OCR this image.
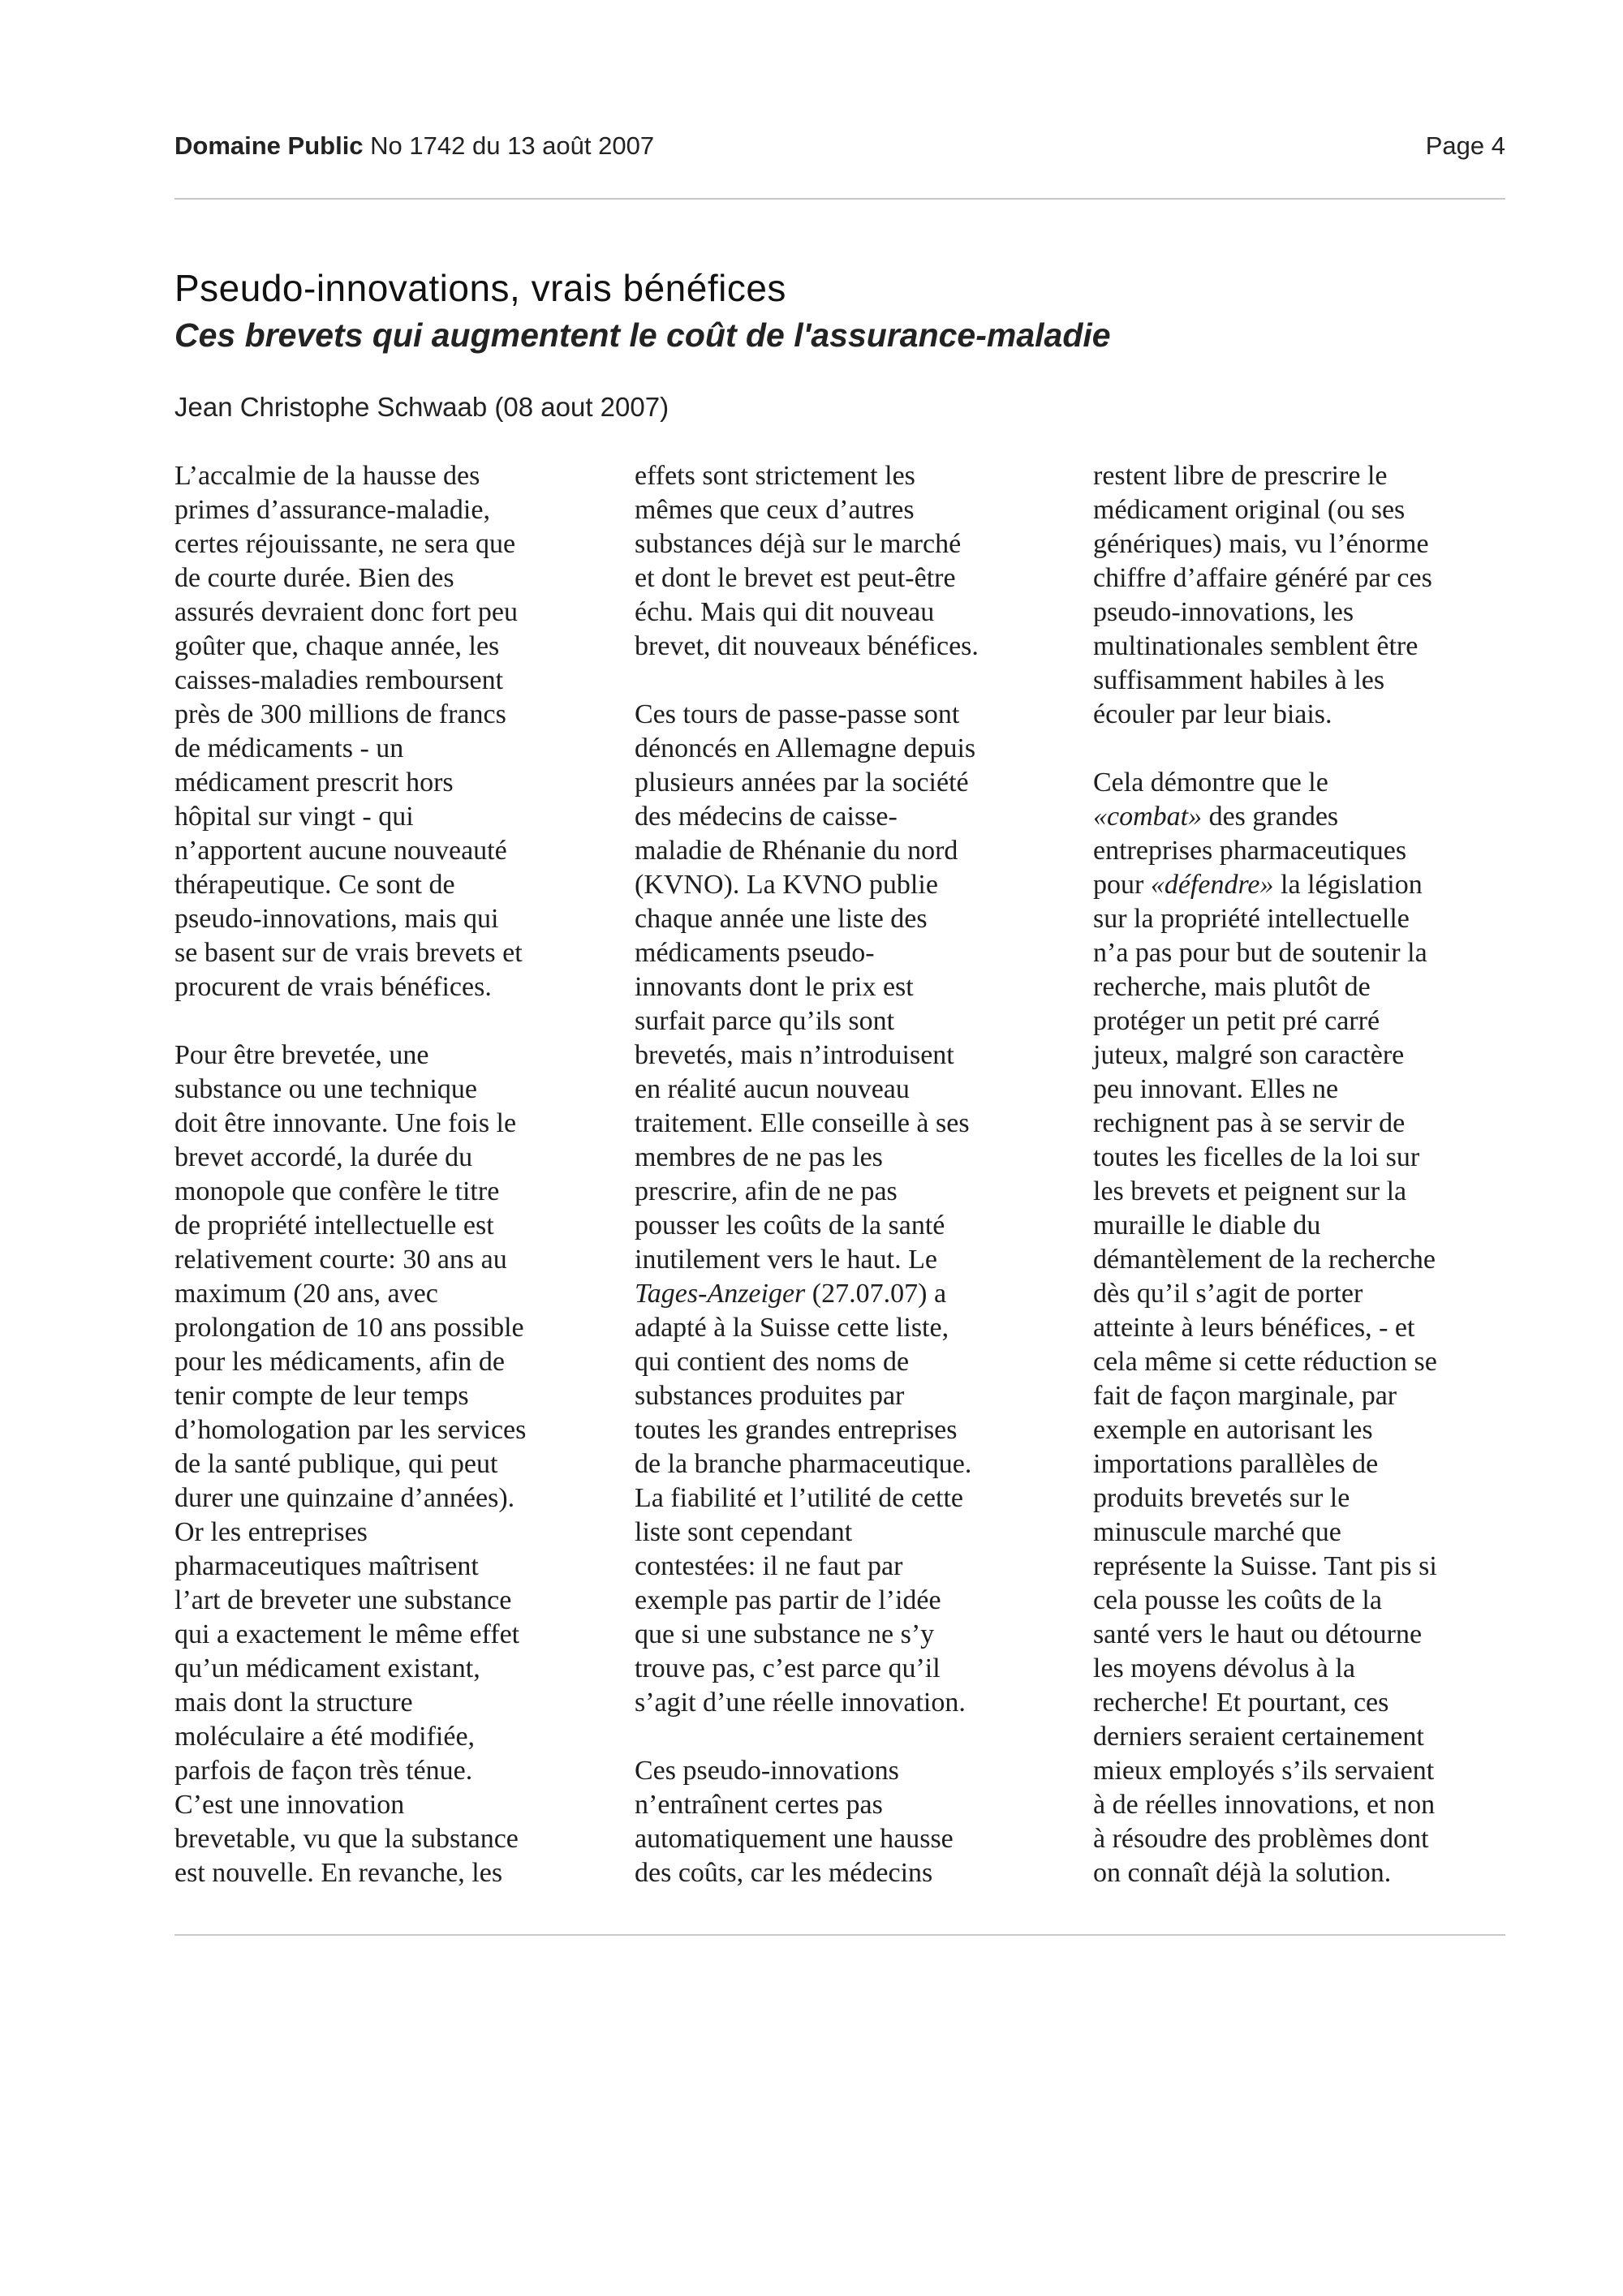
Domaine Public No 1742 du 13 août 2007	Page 4
Pseudo-innovations, vrais bénéfices
Ces brevets qui augmentent le coût de l'assurance-maladie
Jean Christophe Schwaab (08 aout 2007)

L’accalmie de la hausse des
primes d’assurance-maladie,
certes réjouissante, ne sera que
de courte durée. Bien des
assurés devraient donc fort peu
goûter que, chaque année, les
caisses-maladies remboursent
près de 300 millions de francs
de médicaments - un
médicament prescrit hors
hôpital sur vingt - qui
n’apportent aucune nouveauté
thérapeutique. Ce sont de
pseudo-innovations, mais qui
se basent sur de vrais brevets et
procurent de vrais bénéfices.

Pour être brevetée, une
substance ou une technique
doit être innovante. Une fois le
brevet accordé, la durée du
monopole que confère le titre
de propriété intellectuelle est
relativement courte: 30 ans au
maximum (20 ans, avec
prolongation de 10 ans possible
pour les médicaments, afin de
tenir compte de leur temps
d’homologation par les services
de la santé publique, qui peut
durer une quinzaine d’années).
Or les entreprises
pharmaceutiques maîtrisent
l’art de breveter une substance
qui a exactement le même effet
qu’un médicament existant,
mais dont la structure
moléculaire a été modifiée,
parfois de façon très ténue.
C’est une innovation
brevetable, vu que la substance
est nouvelle. En revanche, les

effets sont strictement les
mêmes que ceux d’autres
substances déjà sur le marché
et dont le brevet est peut-être
échu. Mais qui dit nouveau
brevet, dit nouveaux bénéfices.

Ces tours de passe-passe sont
dénoncés en Allemagne depuis
plusieurs années par la société
des médecins de caisse-
maladie de Rhénanie du nord
(KVNO). La KVNO publie
chaque année une liste des
médicaments pseudo-
innovants dont le prix est
surfait parce qu’ils sont
brevetés, mais n’introduisent
en réalité aucun nouveau
traitement. Elle conseille à ses
membres de ne pas les
prescrire, afin de ne pas
pousser les coûts de la santé
inutilement vers le haut. Le
Tages-Anzeiger (27.07.07) a
adapté à la Suisse cette liste,
qui contient des noms de
substances produites par
toutes les grandes entreprises
de la branche pharmaceutique.
La fiabilité et l’utilité de cette
liste sont cependant
contestées: il ne faut par
exemple pas partir de l’idée
que si une substance ne s’y
trouve pas, c’est parce qu’il
s’agit d’une réelle innovation.

Ces pseudo-innovations
n’entraînent certes pas
automatiquement une hausse
des coûts, car les médecins

restent libre de prescrire le
médicament original (ou ses
génériques) mais, vu l’énorme
chiffre d’affaire généré par ces
pseudo-innovations, les
multinationales semblent être
suffisamment habiles à les
écouler par leur biais.

Cela démontre que le
«combat» des grandes
entreprises pharmaceutiques
pour «défendre» la législation
sur la propriété intellectuelle
n’a pas pour but de soutenir la
recherche, mais plutôt de
protéger un petit pré carré
juteux, malgré son caractère
peu innovant. Elles ne
rechignent pas à se servir de
toutes les ficelles de la loi sur
les brevets et peignent sur la
muraille le diable du
démantèlement de la recherche
dès qu’il s’agit de porter
atteinte à leurs bénéfices, - et
cela même si cette réduction se
fait de façon marginale, par
exemple en autorisant les
importations parallèles de
produits brevetés sur le
minuscule marché que
représente la Suisse. Tant pis si
cela pousse les coûts de la
santé vers le haut ou détourne
les moyens dévolus à la
recherche! Et pourtant, ces
derniers seraient certainement
mieux employés s’ils servaient
à de réelles innovations, et non
à résoudre des problèmes dont
on connaît déjà la solution.
